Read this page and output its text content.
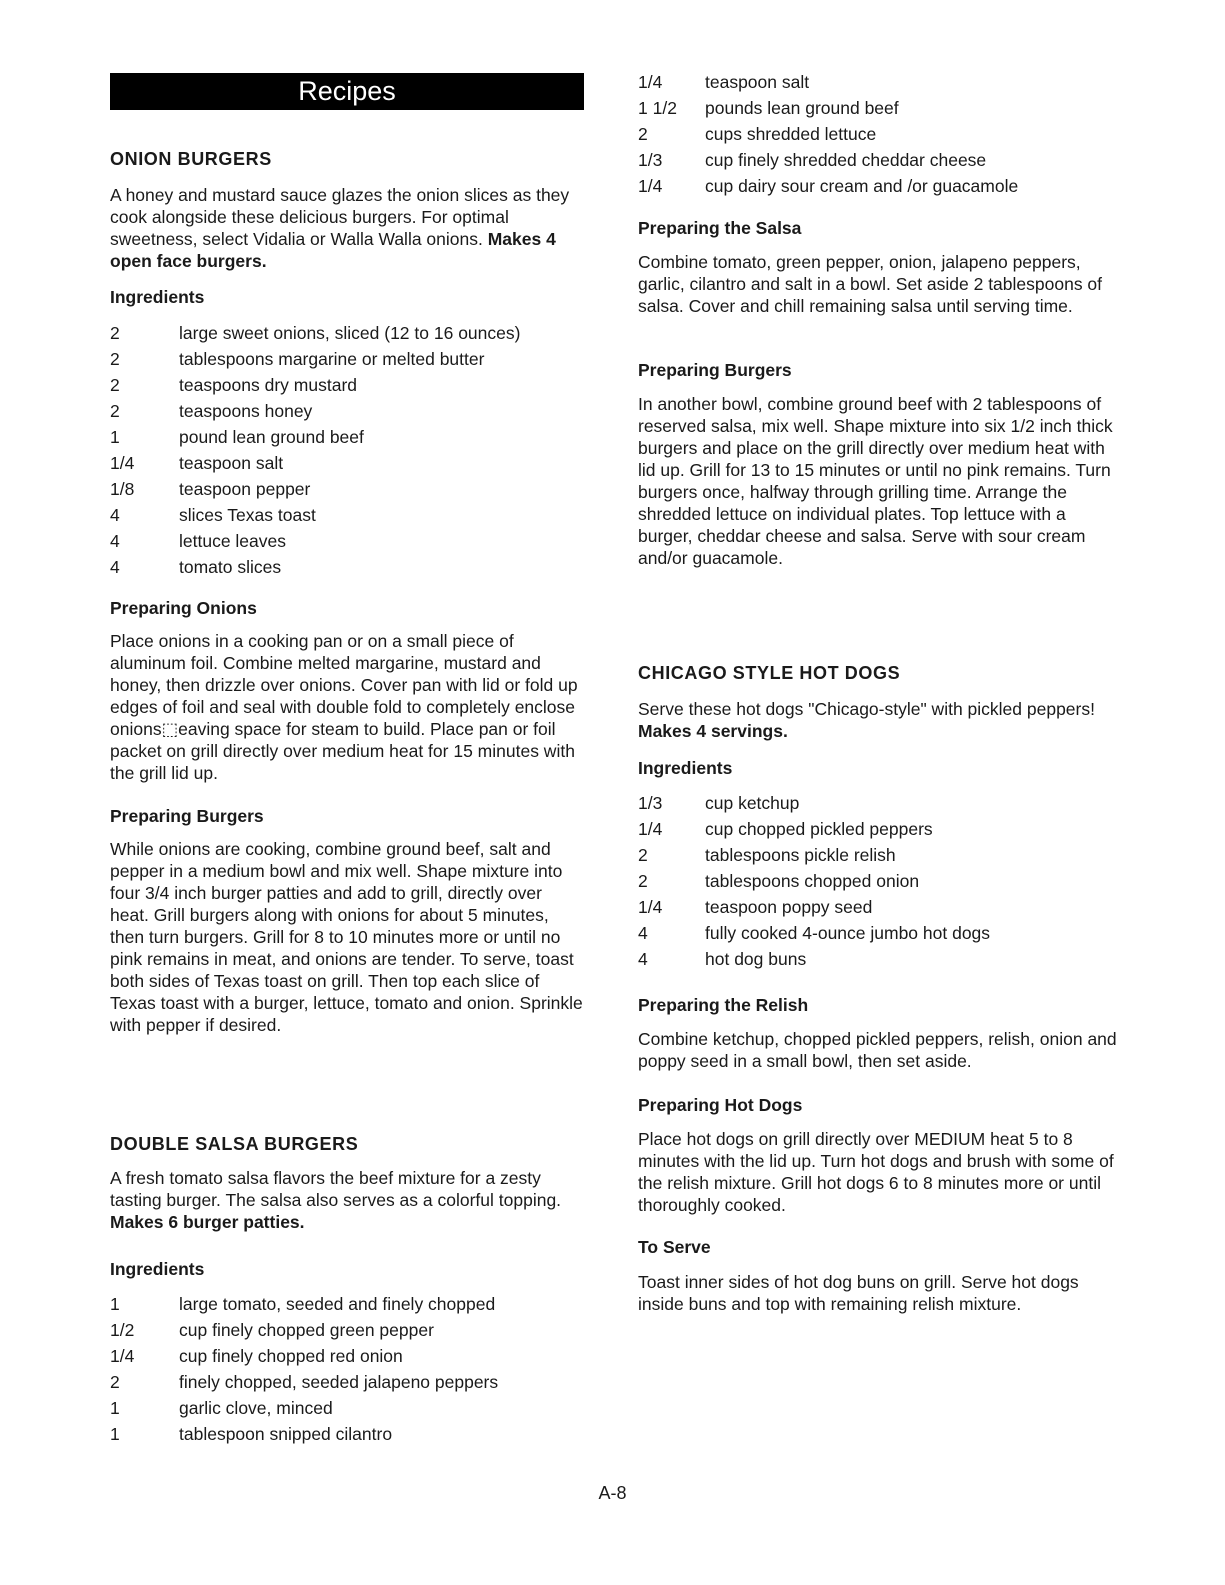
Recipes
ONION BURGERS
A honey and mustard sauce glazes the onion slices as they cook alongside these delicious burgers. For optimal sweetness, select Vidalia or Walla Walla onions. Makes 4 open face burgers.
Ingredients
2	large sweet onions, sliced (12 to 16 ounces)
2	tablespoons margarine or melted butter
2	teaspoons dry mustard
2	teaspoons honey
1	pound lean ground beef
1/4	teaspoon salt
1/8	teaspoon pepper
4	slices Texas toast
4	lettuce leaves
4	tomato slices
Preparing Onions
Place onions in a cooking pan or on a small piece of aluminum foil. Combine melted margarine, mustard and honey, then drizzle over onions. Cover pan with lid or fold up edges of foil and seal with double fold to completely enclose onions⬚eaving space for steam to build. Place pan or foil packet on grill directly over medium heat for 15 minutes with the grill lid up.
Preparing Burgers
While onions are cooking, combine ground beef, salt and pepper in a medium bowl and mix well. Shape mixture into four 3/4 inch burger patties and add to grill, directly over heat. Grill burgers along with onions for about 5 minutes, then turn burgers. Grill for 8 to 10 minutes more or until no pink remains in meat, and onions are tender. To serve, toast both sides of Texas toast on grill. Then top each slice of Texas toast with a burger, lettuce, tomato and onion. Sprinkle with pepper if desired.
DOUBLE SALSA BURGERS
A fresh tomato salsa flavors the beef mixture for a zesty tasting burger. The salsa also serves as a colorful topping. Makes 6 burger patties.
Ingredients
1	large tomato, seeded and finely chopped
1/2	cup finely chopped green pepper
1/4	cup finely chopped red onion
2	finely chopped, seeded jalapeno peppers
1	garlic clove, minced
1	tablespoon snipped cilantro
1/4 teaspoon salt
1 1/2 pounds lean ground beef
2	cups shredded lettuce
1/3 cup finely shredded cheddar cheese
1/4 cup dairy sour cream and /or guacamole
Preparing the Salsa
Combine tomato, green pepper, onion, jalapeno peppers, garlic, cilantro and salt in a bowl. Set aside 2 tablespoons of salsa. Cover and chill remaining salsa until serving time.
Preparing Burgers
In another bowl, combine ground beef with 2 tablespoons of reserved salsa, mix well. Shape mixture into six 1/2 inch thick burgers and place on the grill directly over medium heat with lid up. Grill for 13 to 15 minutes or until no pink remains. Turn burgers once, halfway through grilling time. Arrange the shredded lettuce on individual plates. Top lettuce with a burger, cheddar cheese and salsa. Serve with sour cream and/or guacamole.
CHICAGO STYLE HOT DOGS
Serve these hot dogs "Chicago-style" with pickled peppers! Makes 4 servings.
Ingredients
1/3 cup ketchup
1/4 cup chopped pickled peppers
2	tablespoons pickle relish
2	tablespoons chopped onion
1/4 teaspoon poppy seed
4	fully cooked 4-ounce jumbo hot dogs
4	hot dog buns
Preparing the Relish
Combine ketchup, chopped pickled peppers, relish, onion and poppy seed in a small bowl, then set aside.
Preparing Hot Dogs
Place hot dogs on grill directly over MEDIUM heat 5 to 8 minutes with the lid up. Turn hot dogs and brush with some of the relish mixture. Grill hot dogs 6 to 8 minutes more or until thoroughly cooked.
To Serve
Toast inner sides of hot dog buns on grill. Serve hot dogs inside buns and top with remaining relish mixture.
A-8
